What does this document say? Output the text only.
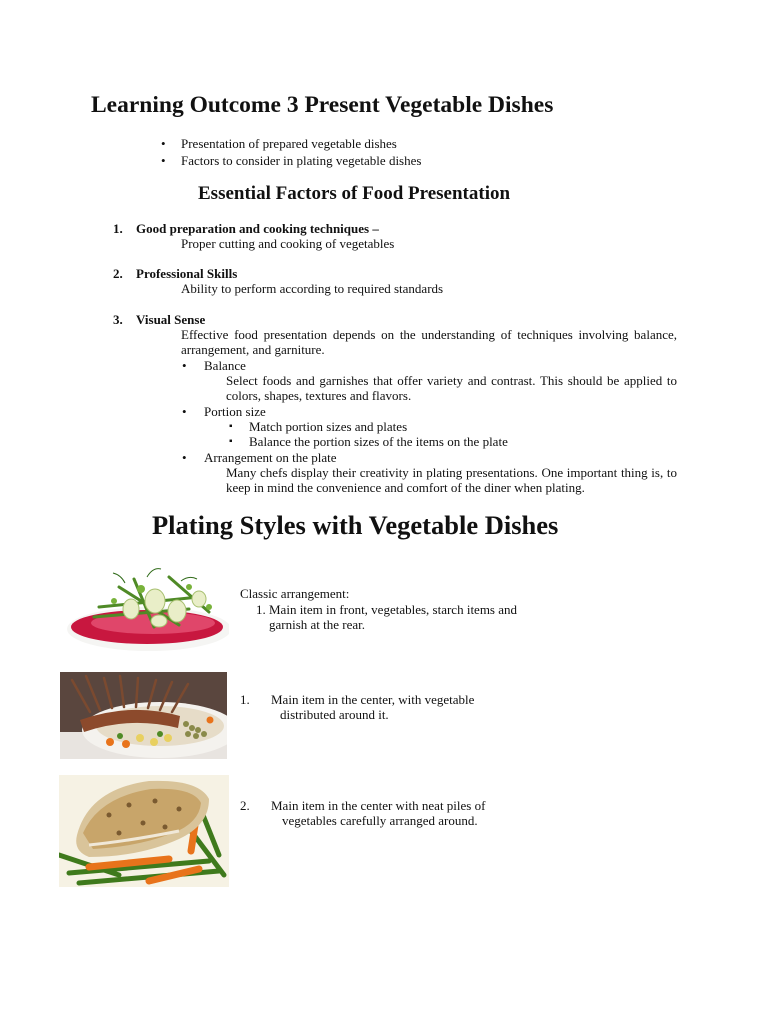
Learning Outcome 3 Present Vegetable Dishes
• Presentation of prepared vegetable dishes
• Factors to consider in plating vegetable dishes
Essential Factors of Food Presentation
1. Good preparation and cooking techniques –
Proper cutting and cooking of vegetables
2. Professional Skills
Ability to perform according to required standards
3. Visual Sense
Effective food presentation depends on the understanding of techniques involving balance, arrangement, and garniture.
• Balance
Select foods and garnishes that offer variety and contrast. This should be applied to colors, shapes, textures and flavors.
• Portion size
▪ Match portion sizes and plates
▪ Balance the portion sizes of the items on the plate
• Arrangement on the plate
Many chefs display their creativity in plating presentations. One important thing is, to keep in mind the convenience and comfort of the diner when plating.
Plating Styles with Vegetable Dishes
Classic arrangement:
1. Main item in front, vegetables, starch items and
garnish at the rear.
1. Main item in the center, with vegetable
distributed around it.
2. Main item in the center with neat piles of
vegetables carefully arranged around.
